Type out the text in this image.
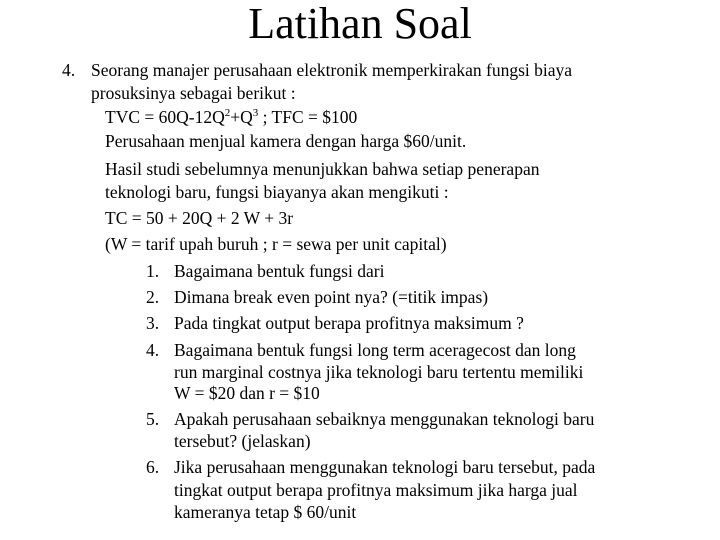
Latihan Soal
4. Seorang manajer perusahaan elektronik memperkirakan fungsi biaya
prosuksinya sebagai berikut :
TVC = $60Q-12Q^2+Q^3$ ; TFC = $100
Perusahaan menjual kamera dengan harga $60/unit.
Hasil studi sebelumnya menunjukkan bahwa setiap penerapan
teknologi baru, fungsi biayanya akan mengikuti :
TC = 50 + 20Q + 2 W + 3r
(W = tarif upah buruh ; r = sewa per unit capital)
1. Bagaimana bentuk fungsi dari
2. Dimana break even point nya? (=titik impas)
3. Pada tingkat output berapa profitnya maksimum ?
4. Bagaimana bentuk fungsi long term aceragecost dan long
run marginal costnya jika teknologi baru tertentu memiliki
W = $20 dan r = $10
5. Apakah perusahaan sebaiknya menggunakan teknologi baru
tersebut? (jelaskan)
6. Jika perusahaan menggunakan teknologi baru tersebut, pada
tingkat output berapa profitnya maksimum jika harga jual
kameranya tetap $ 60/unit
